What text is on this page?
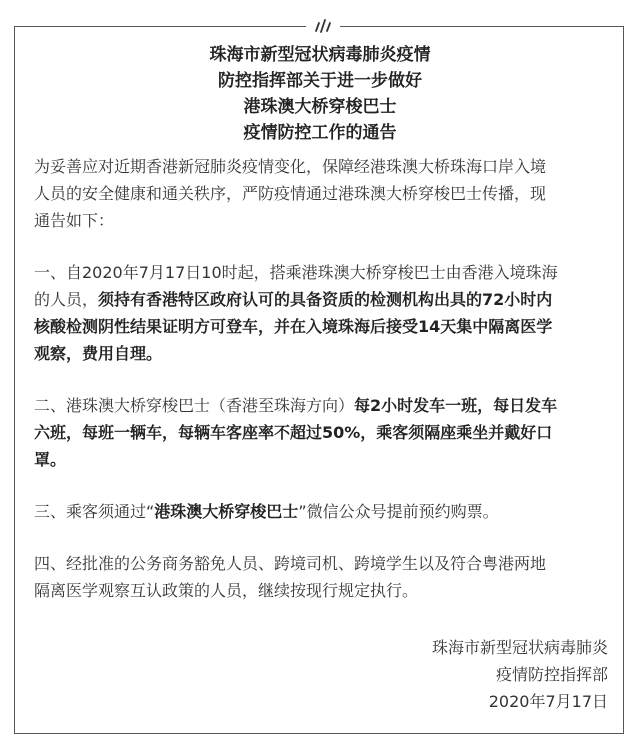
珠海市新型冠状病毒肺炎疫情
防控指挥部关于进一步做好
港珠澳大桥穿梭巴士
疫情防控工作的通告
为妥善应对近期香港新冠肺炎疫情变化，保障经港珠澳大桥珠海口岸入境
人员的安全健康和通关秩序，严防疫情通过港珠澳大桥穿梭巴士传播，现
通告如下：
一、自2020年7月17日10时起，搭乘港珠澳大桥穿梭巴士由香港入境珠海
的人员，须持有香港特区政府认可的具备资质的检测机构出具的72小时内
核酸检测阴性结果证明方可登车，并在入境珠海后接受14天集中隔离医学
观察，费用自理。
二、港珠澳大桥穿梭巴士（香港至珠海方向）每2小时发车一班，每日发车
六班，每班一辆车，每辆车客座率不超过50%，乘客须隔座乘坐并戴好口
罩。
三、乘客须通过“港珠澳大桥穿梭巴士”微信公众号提前预约购票。
四、经批准的公务商务豁免人员、跨境司机、跨境学生以及符合粤港两地
隔离医学观察互认政策的人员，继续按现行规定执行。
珠海市新型冠状病毒肺炎
疫情防控指挥部
2020年7月17日
